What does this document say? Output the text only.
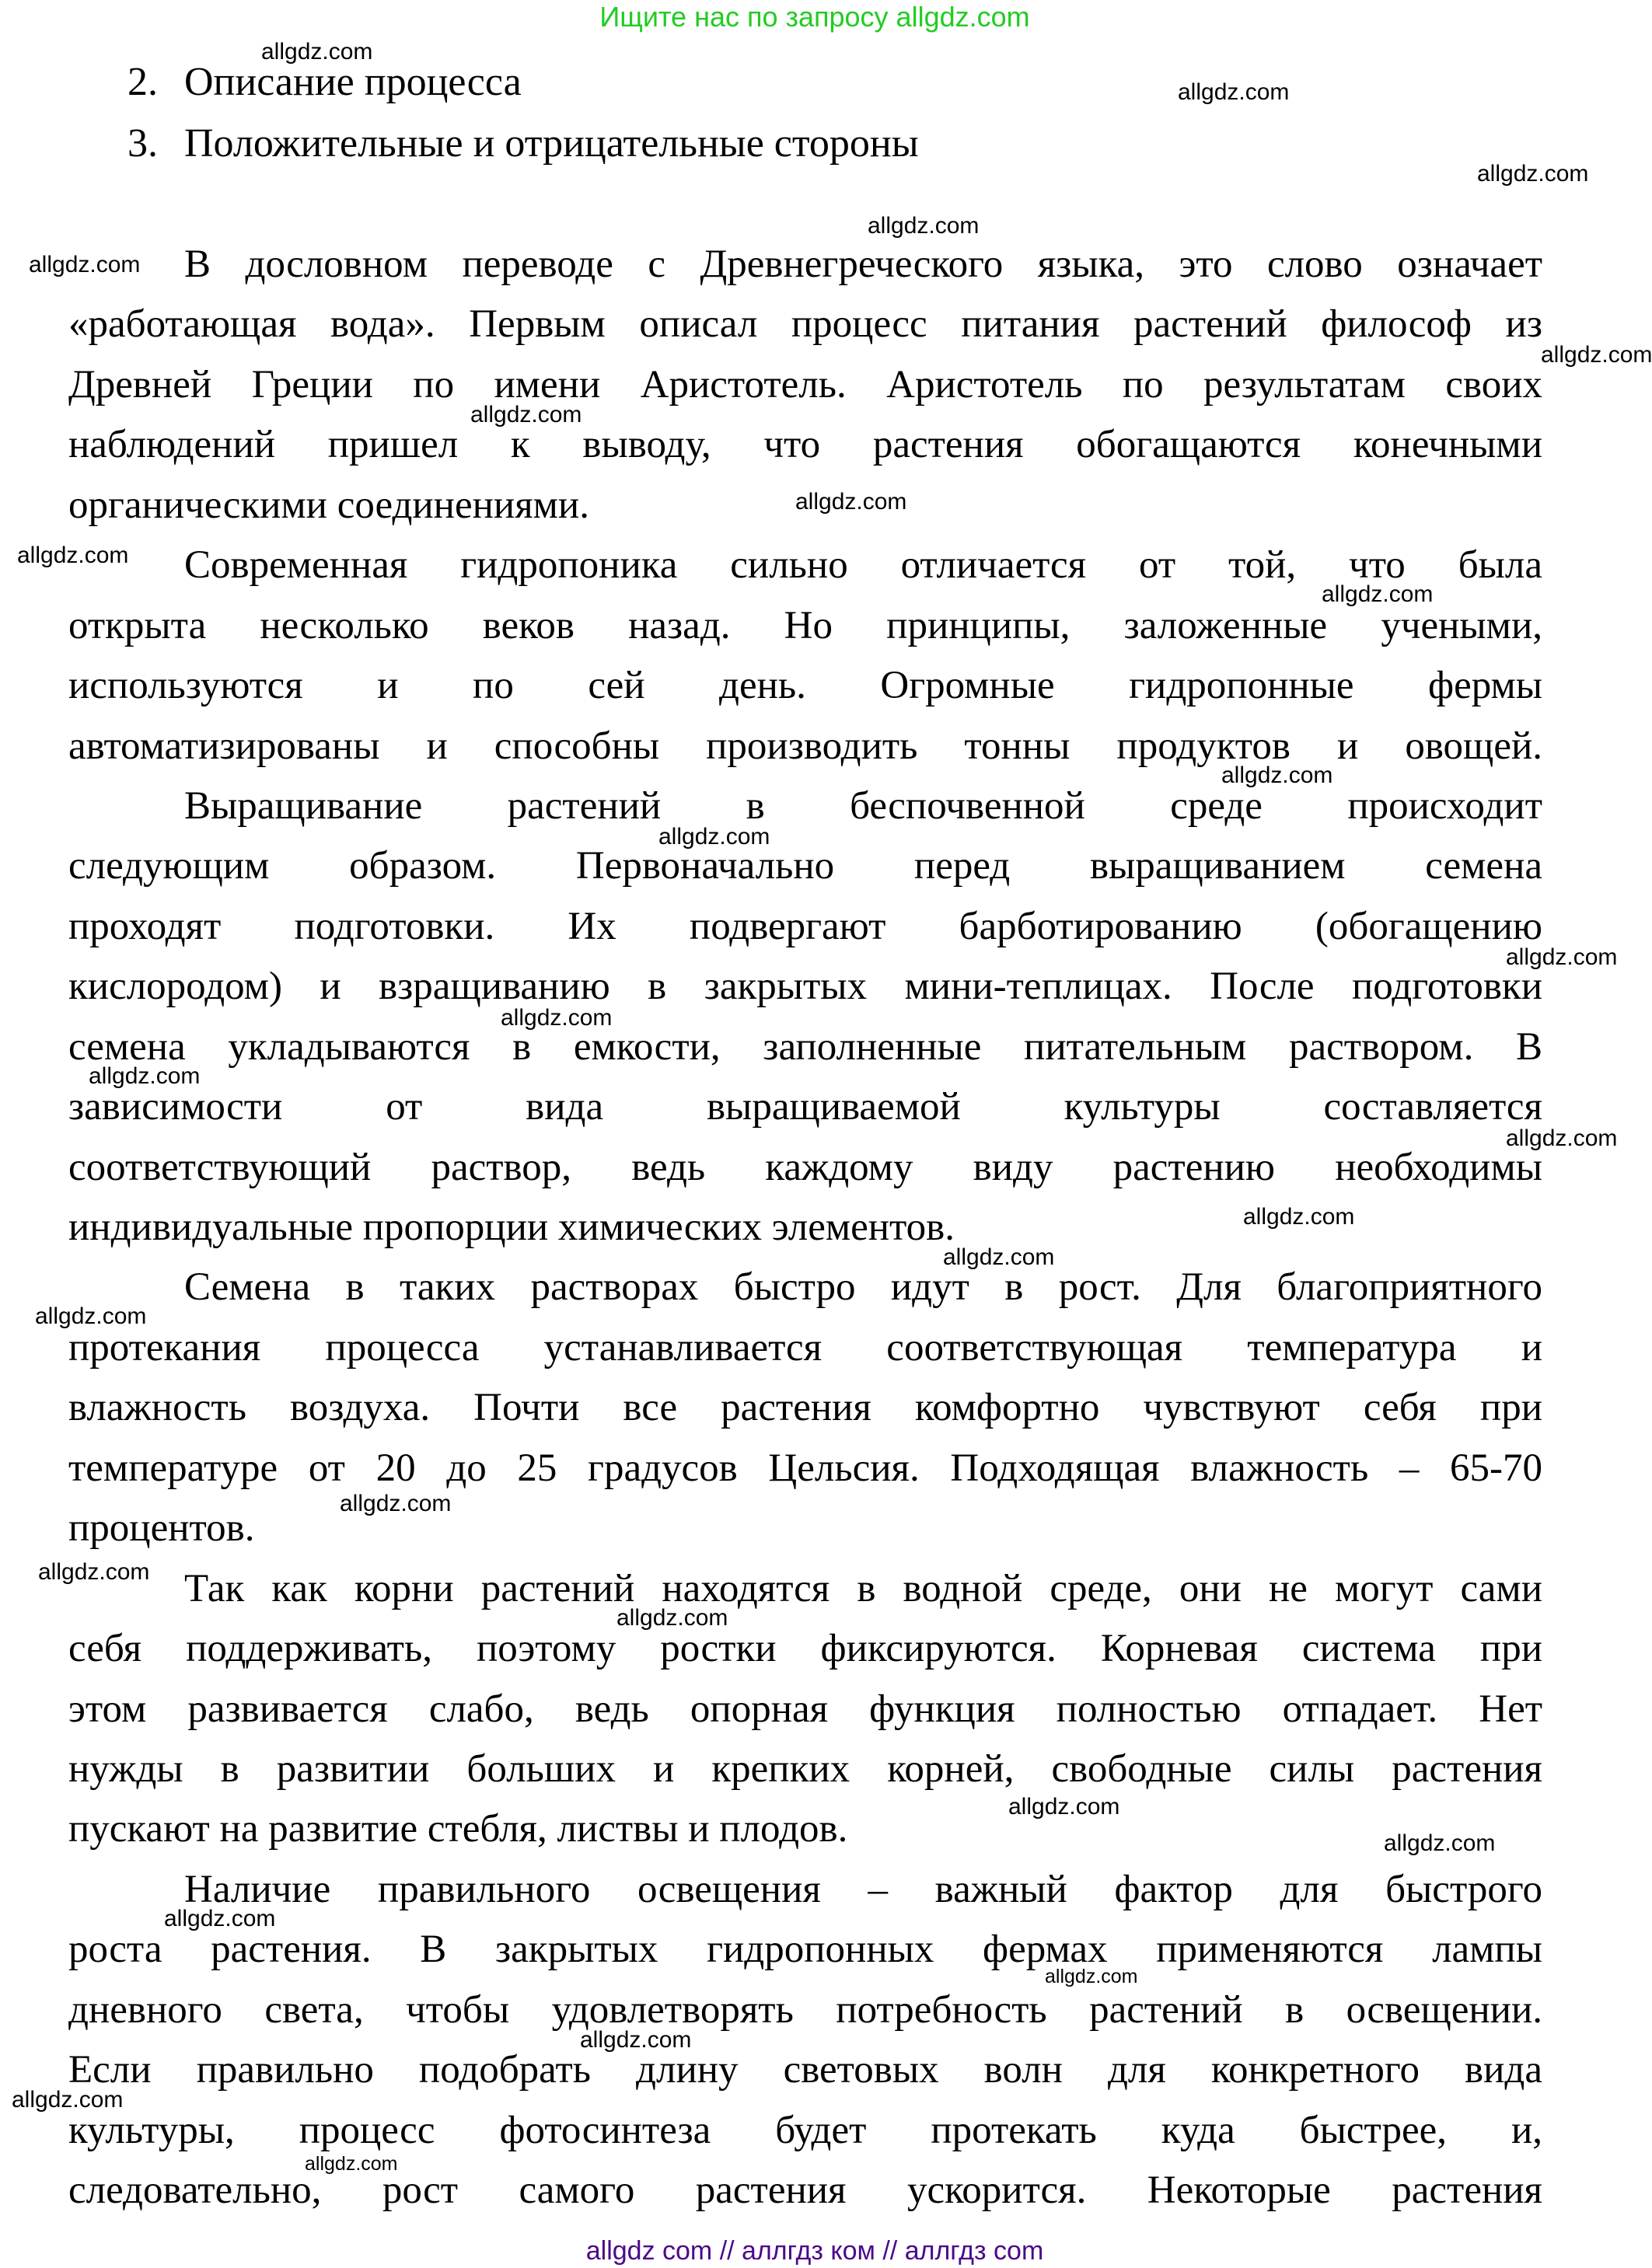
Ищите нас по запросу allgdz.com
2. Описание процесса
3. Положительные и отрицательные стороны
В дословном переводе с Древнегреческого языка, это слово означает
«работающая вода». Первым описал процесс питания растений философ из
Древней Греции по имени Аристотель. Аристотель по результатам своих
наблюдений пришел к выводу, что растения обогащаются конечными
органическими соединениями.
Современная гидропоника сильно отличается от той, что была
открыта несколько веков назад. Но принципы, заложенные учеными,
используются и по сей день. Огромные гидропонные фермы
автоматизированы и способны производить тонны продуктов и овощей.
Выращивание растений в беспочвенной среде происходит
следующим образом. Первоначально перед выращиванием семена
проходят подготовки. Их подвергают барботированию (обогащению
кислородом) и взращиванию в закрытых мини-теплицах. После подготовки
семена укладываются в емкости, заполненные питательным раствором. В
зависимости от вида выращиваемой культуры составляется
соответствующий раствор, ведь каждому виду растению необходимы
индивидуальные пропорции химических элементов.
Семена в таких растворах быстро идут в рост. Для благоприятного
протекания процесса устанавливается соответствующая температура и
влажность воздуха. Почти все растения комфортно чувствуют себя при
температуре от 20 до 25 градусов Цельсия. Подходящая влажность – 65-70
процентов.
Так как корни растений находятся в водной среде, они не могут сами
себя поддерживать, поэтому ростки фиксируются. Корневая система при
этом развивается слабо, ведь опорная функция полностью отпадает. Нет
нужды в развитии больших и крепких корней, свободные силы растения
пускают на развитие стебля, листвы и плодов.
Наличие правильного освещения – важный фактор для быстрого
роста растения. В закрытых гидропонных фермах применяются лампы
дневного света, чтобы удовлетворять потребность растений в освещении.
Если правильно подобрать длину световых волн для конкретного вида
культуры, процесс фотосинтеза будет протекать куда быстрее, и,
следовательно, рост самого растения ускорится. Некоторые растения
allgdz.com
allgdz.com
allgdz.com
allgdz.com
allgdz.com
allgdz.com
allgdz.com
allgdz.com
allgdz.com
allgdz.com
allgdz.com
allgdz.com
allgdz.com
allgdz.com
allgdz.com
allgdz.com
allgdz.com
allgdz.com
allgdz.com
allgdz.com
allgdz.com
allgdz.com
allgdz.com
allgdz.com
allgdz.com
allgdz.com
allgdz.com
allgdz.com
allgdz.com
allgdz com // аллгдз ком // аллгдз com
